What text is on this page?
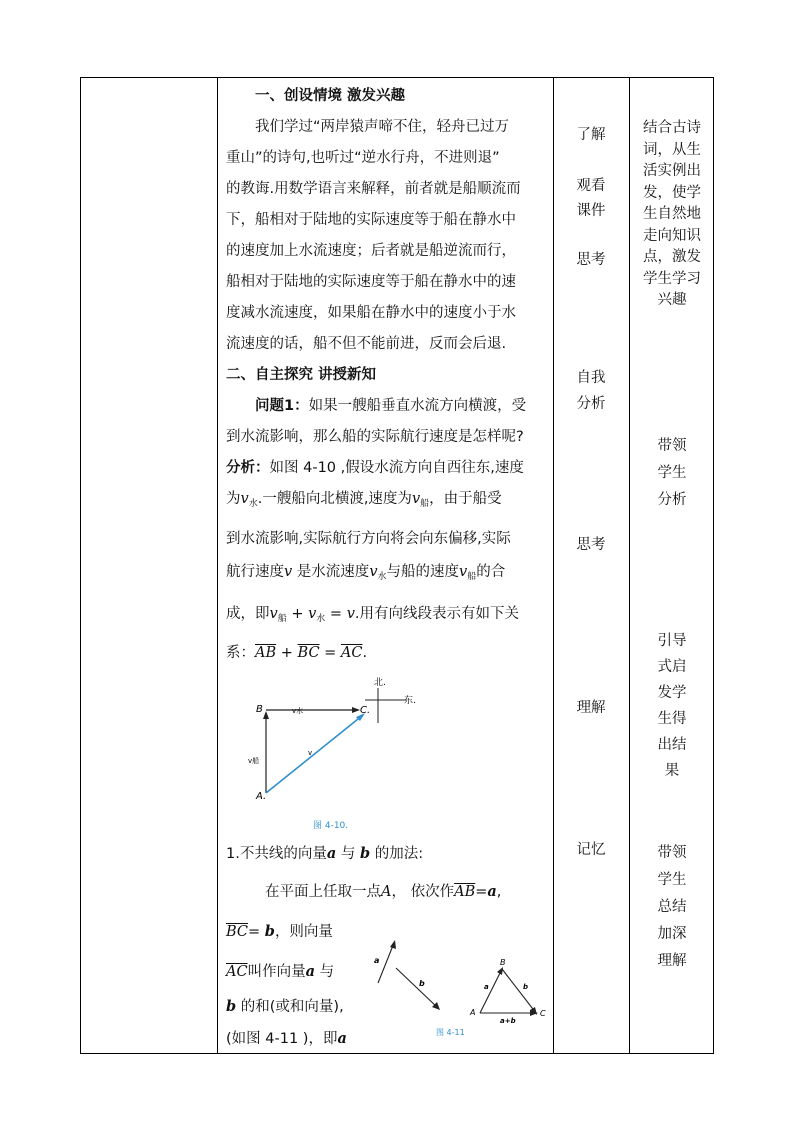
一、创设情境 激发兴趣

我们学过“两岸猿声啼不住，轻舟已过万
重山”的诗句,也听过“逆水行舟，不进则退”
的教诲.用数学语言来解释，前者就是船顺流而
下，船相对于陆地的实际速度等于船在静水中
的速度加上水流速度；后者就是船逆流而行，
船相对于陆地的实际速度等于船在静水中的速
度减水流速度，如果船在静水中的速度小于水
流速度的话，船不但不能前进，反而会后退.

二、自主探究 讲授新知

问题1：如果一艘船垂直水流方向横渡，受
到水流影响，那么船的实际航行速度是怎样呢?
分析：如图 4-10 ,假设水流方向自西往东,速度
为$v_水$.一艘船向北横渡,速度为$v_船$，由于船受
到水流影响,实际航行方向将会向东偏移,实际
航行速度v 是水流速度$v_水$与船的速度$v_船$的合
成，即$v_船 + v_水 = v$.用有向线段表示有如下关
系：$\overline{AB} + \overline{BC} = \overline{AC}$.
B	C.
A.
v水
v船
v
北.
东.
图 4-10.
1.不共线的向量a 与 b 的加法:
在平面上任取一点A， 依次作$\overline{AB}=a$,
$\overline{BC}= b$，则向量
$\overline{AC}$叫作向量a 与
b 的和(或和向量),
(如图 4-11 )，即a
a
b
A
B
C
a	b
a+b
图 4-11
了解
观看
课件
思考
自我
分析
思考
理解
记忆
结合古诗
词，从生
活实例出
发，使学
生自然地
走向知识
点，激发
学生学习
兴趣
带领
学生
分析
引导
式启
发学
生得
出结
果
带领
学生
总结
加深
理解
